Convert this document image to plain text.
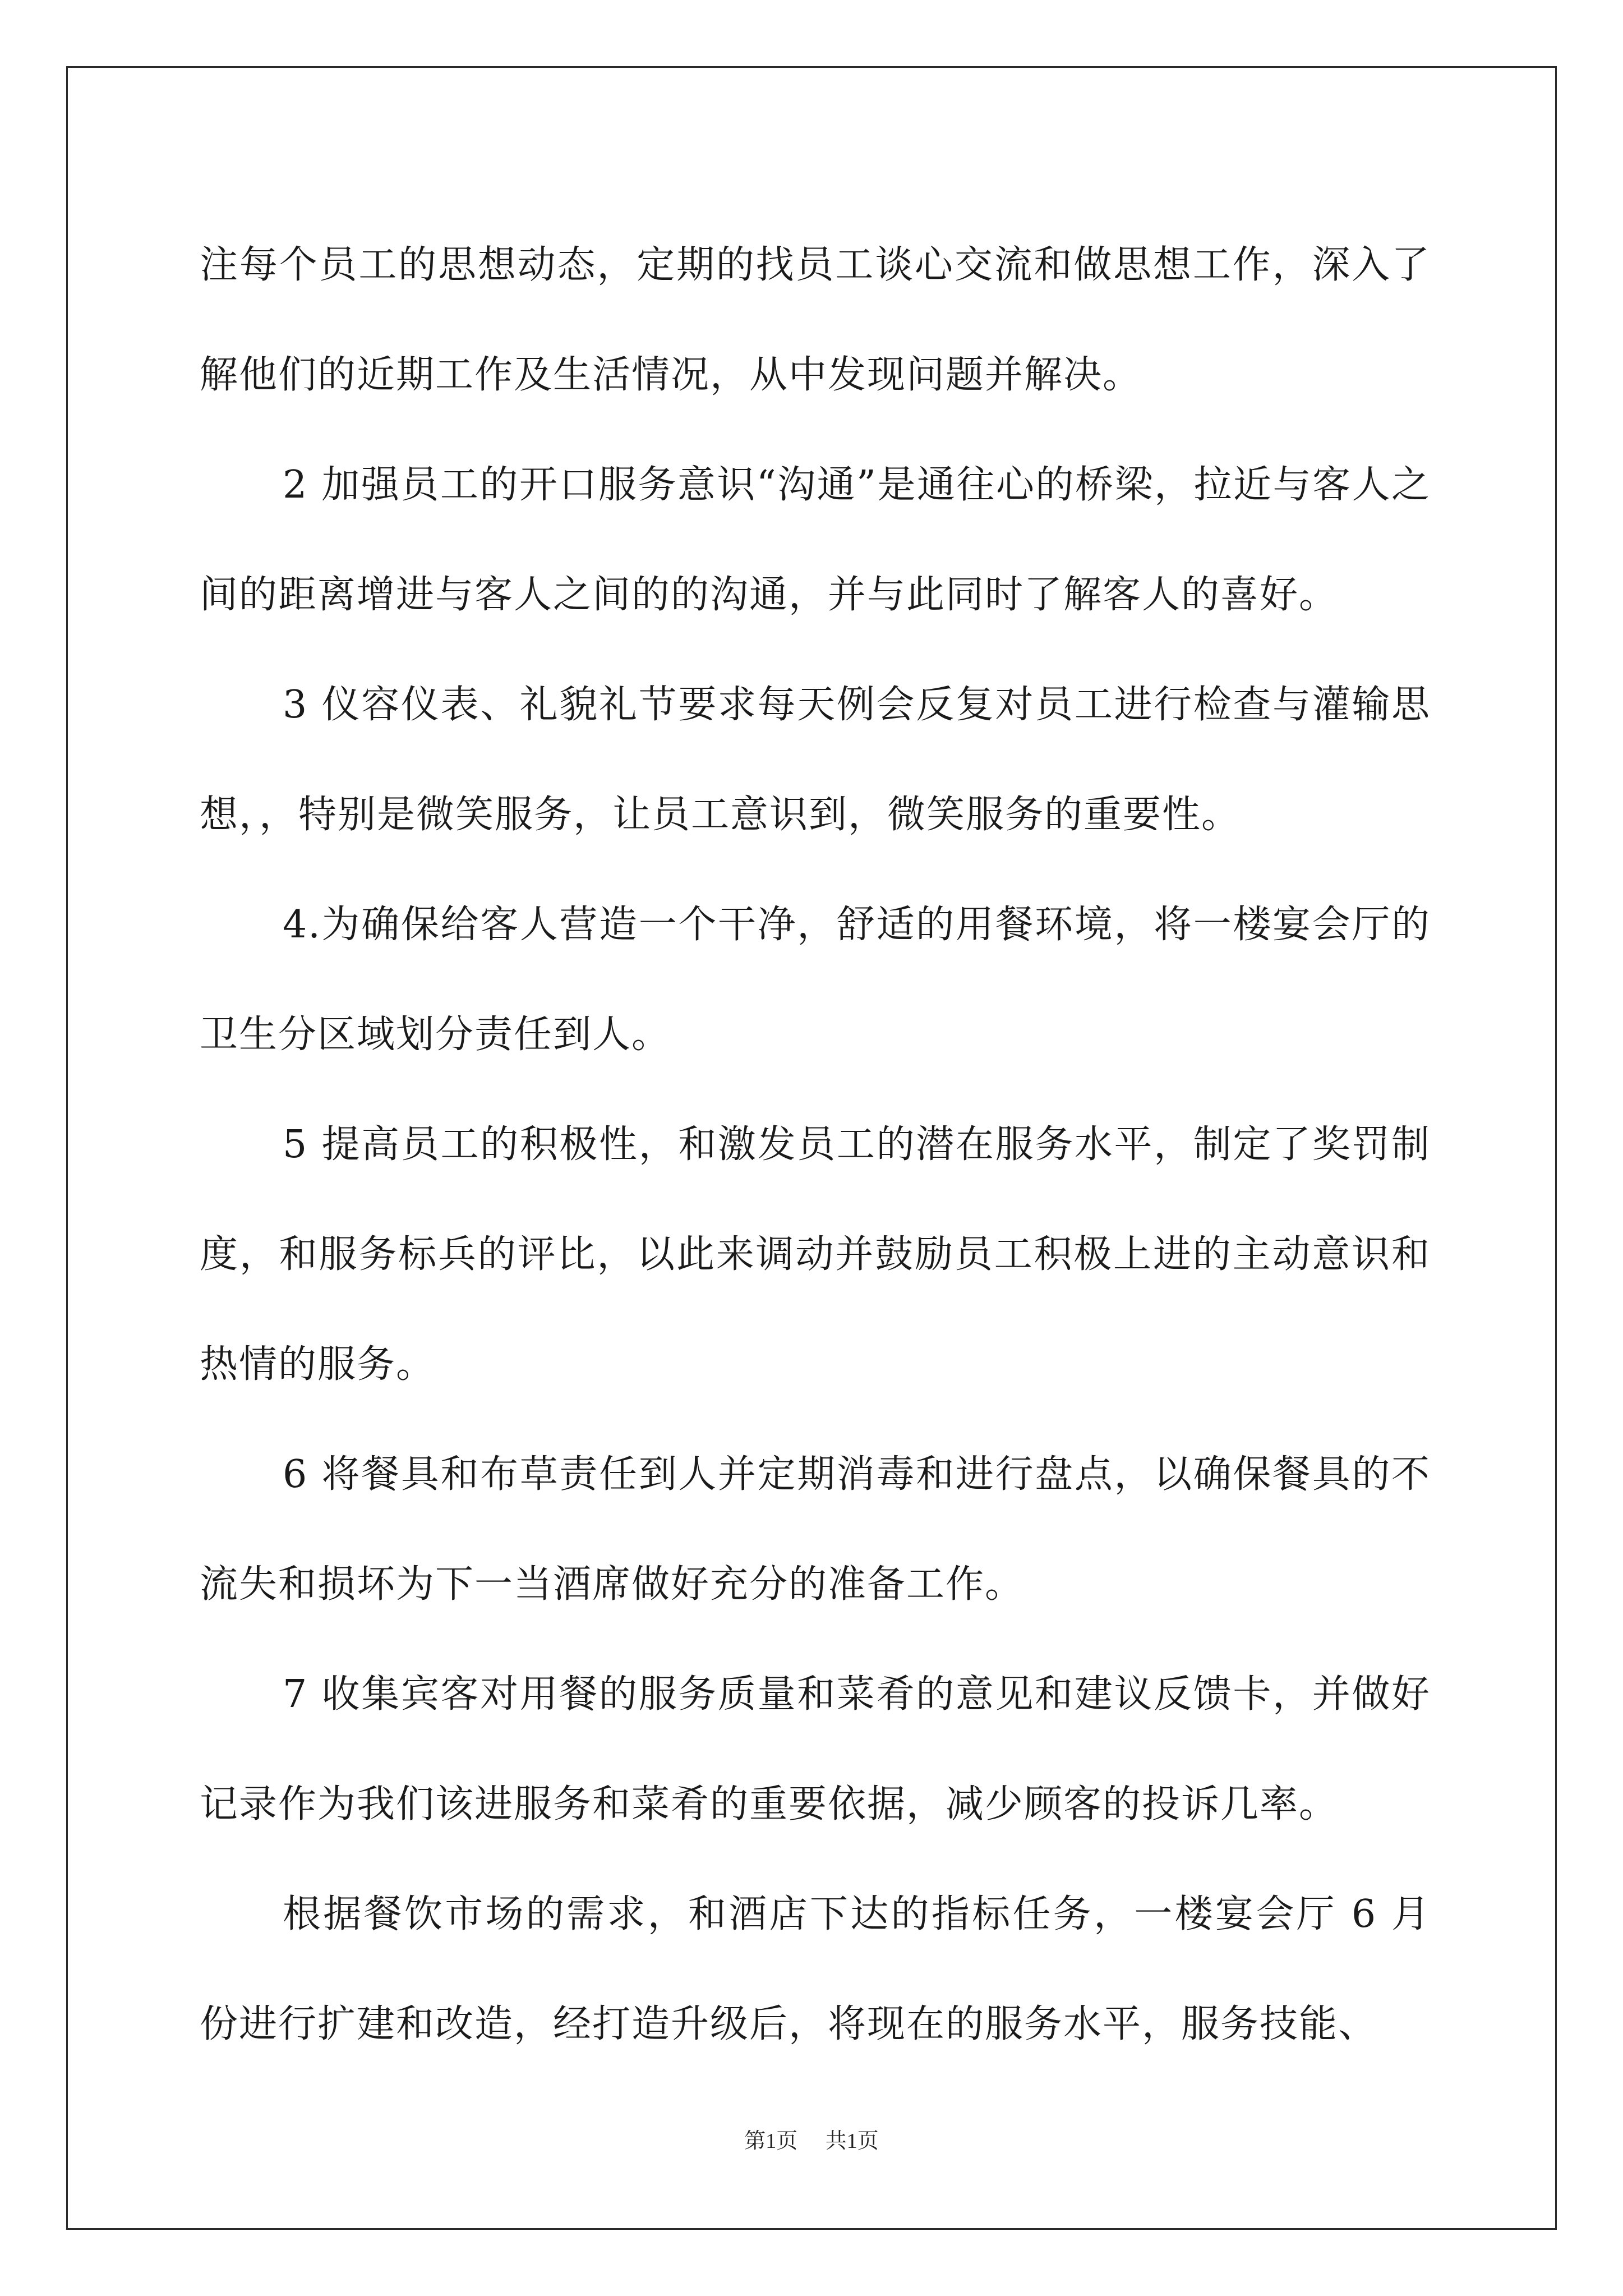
注每个员工的思想动态，定期的找员工谈心交流和做思想工作，深入了解他们的近期工作及生活情况，从中发现问题并解决。

2 加强员工的开口服务意识“沟通”是通往心的桥梁，拉近与客人之间的距离增进与客人之间的的沟通，并与此同时了解客人的喜好。

3 仪容仪表、礼貌礼节要求每天例会反复对员工进行检查与灌输思想，，特别是微笑服务，让员工意识到，微笑服务的重要性。

4.为确保给客人营造一个干净，舒适的用餐环境，将一楼宴会厅的卫生分区域划分责任到人。

5 提高员工的积极性，和激发员工的潜在服务水平，制定了奖罚制度，和服务标兵的评比，以此来调动并鼓励员工积极上进的主动意识和热情的服务。

6 将餐具和布草责任到人并定期消毒和进行盘点，以确保餐具的不流失和损坏为下一当酒席做好充分的准备工作。

7 收集宾客对用餐的服务质量和菜肴的意见和建议反馈卡，并做好记录作为我们该进服务和菜肴的重要依据，减少顾客的投诉几率。

根据餐饮市场的需求，和酒店下达的指标任务，一楼宴会厅 6 月份进行扩建和改造，经打造升级后，将现在的服务水平，服务技能、

第1页 共1页
